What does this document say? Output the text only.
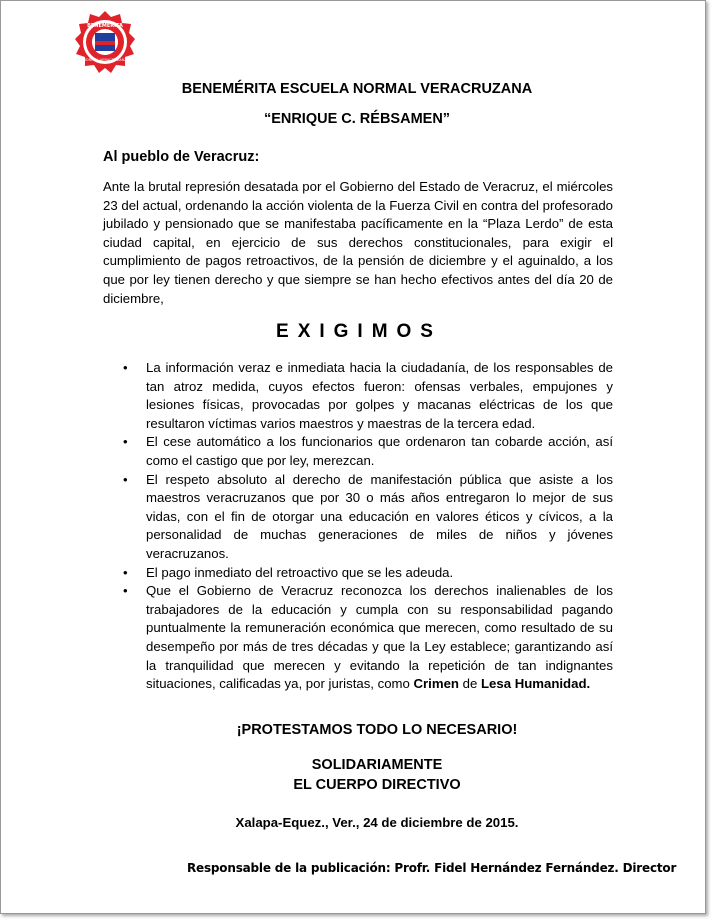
BENEMÉRITA
NORMAL VERACRUZANA
BENEMÉRITA ESCUELA NORMAL VERACRUZANA
“ENRIQUE C. RÉBSAMEN”
Al pueblo de Veracruz:
Ante la brutal represión desatada por el Gobierno del Estado de Veracruz, el miércoles 23 del actual, ordenando la acción violenta de la Fuerza Civil en contra del profesorado jubilado y pensionado que se manifestaba pacíficamente en la “Plaza Lerdo” de esta ciudad capital, en ejercicio de sus derechos constitucionales, para exigir el cumplimiento de pagos retroactivos, de la pensión de diciembre y el aguinaldo, a los que por ley tienen derecho y que siempre se han hecho efectivos antes del día 20 de diciembre,
EXIGIMOS
• La información veraz e inmediata hacia la ciudadanía, de los responsables de tan atroz medida, cuyos efectos fueron: ofensas verbales, empujones y lesiones físicas, provocadas por golpes y macanas eléctricas de los que resultaron víctimas varios maestros y maestras de la tercera edad.
• El cese automático a los funcionarios que ordenaron tan cobarde acción, así como el castigo que por ley, merezcan.
• El respeto absoluto al derecho de manifestación pública que asiste a los maestros veracruzanos que por 30 o más años entregaron lo mejor de sus vidas, con el fin de otorgar una educación en valores éticos y cívicos, a la personalidad de muchas generaciones de miles de niños y jóvenes veracruzanos.
• El pago inmediato del retroactivo que se les adeuda.
• Que el Gobierno de Veracruz reconozca los derechos inalienables de los trabajadores de la educación y cumpla con su responsabilidad pagando puntualmente la remuneración económica que merecen, como resultado de su desempeño por más de tres décadas y que la Ley establece; garantizando así la tranquilidad que merecen y evitando la repetición de tan indignantes situaciones, calificadas ya, por juristas, como Crimen de Lesa Humanidad.
¡PROTESTAMOS TODO LO NECESARIO!
SOLIDARIAMENTE
EL CUERPO DIRECTIVO
Xalapa-Equez., Ver., 24 de diciembre de 2015.
Responsable de la publicación: Profr. Fidel Hernández Fernández. Director
